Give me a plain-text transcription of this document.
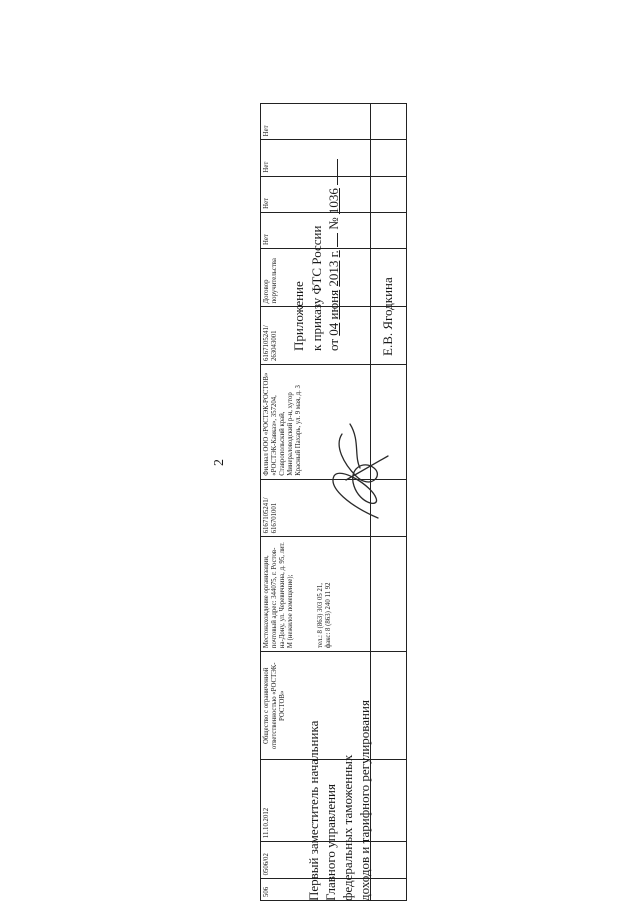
2
506	0506/02	11.10.2012	Общество с ограниченной ответственностью «РОСТЭК-РОСТОВ»	Местонахождение организации, почтовый адрес: 344075, г. Ростов-на-Дону, ул. Черевичкина, д. 95, лит. М (нежилое помещение); тел.: 8 (863) 303 05 21, факс: 8 (863) 240 11 92	6167105241/ 616701001	Филиал ООО «РОСТЭК-РОСТОВ» «РОСТЭК-Кавказ», 357204, Ставропольский край, Минераловодский р-н, хутор Красный Пахарь, ул. 9 мая, д. 3	6167105241/ 263043001	Договор поручительства	Нет	Нет	Нет	Нет

Приложение к приказу ФТС России от 04 июня 2013 г.  № 1036
Первый заместитель начальника Главного управления федеральных таможенных доходов и тарифного регулирования
Е.В. Ягодкина
